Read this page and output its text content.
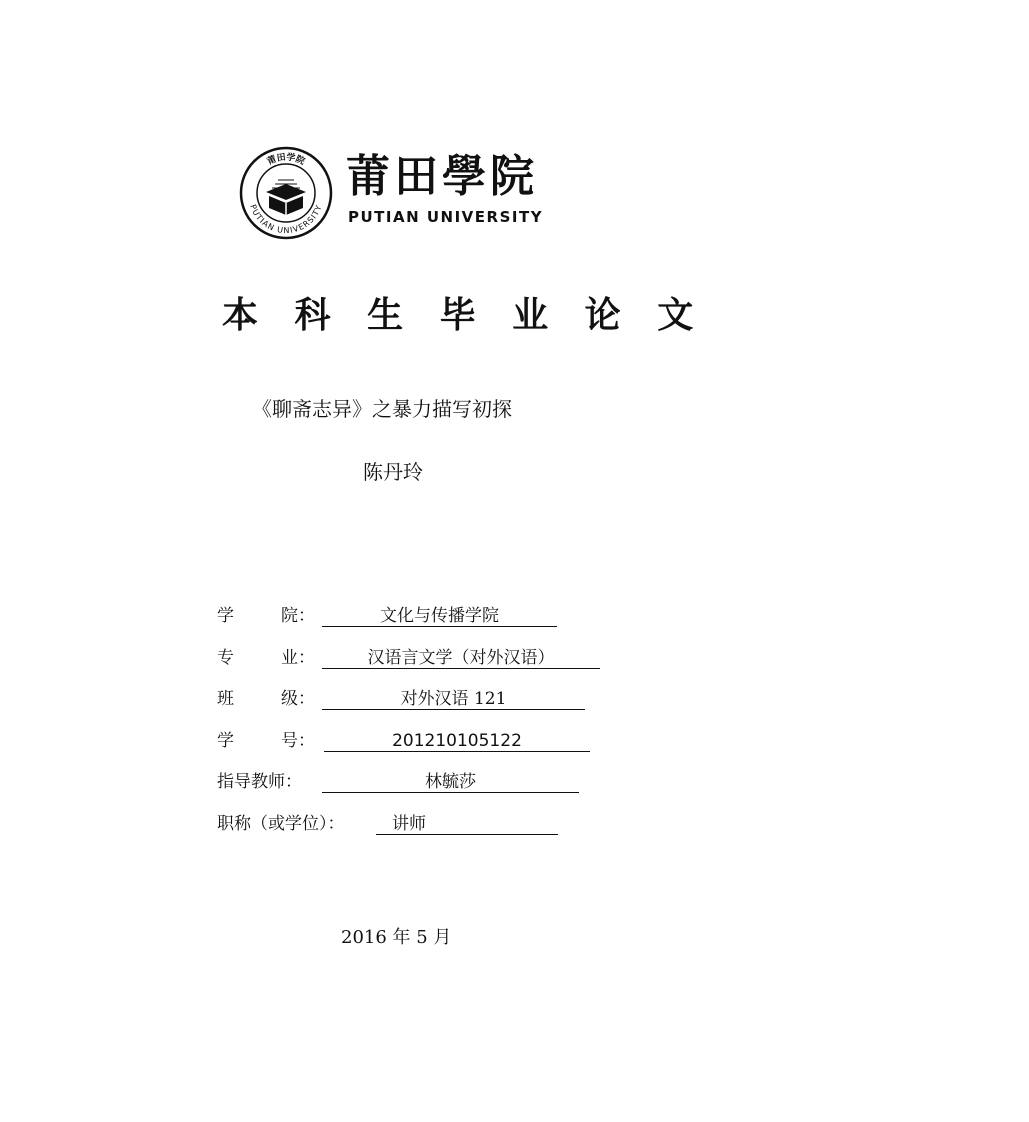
莆田学院
PUTIAN UNIVERSITY
莆田學院
PUTIAN UNIVERSITY
本 科 生 毕 业 论 文
《聊斋志异》之暴力描写初探
陈丹玲
学	院：	文化与传播学院
专	业：	汉语言文学（对外汉语）
班	级：	对外汉语 121
学	号：	201210105122
指导教师：	林毓莎
职称（或学位）：	讲师
2016 年 5 月
